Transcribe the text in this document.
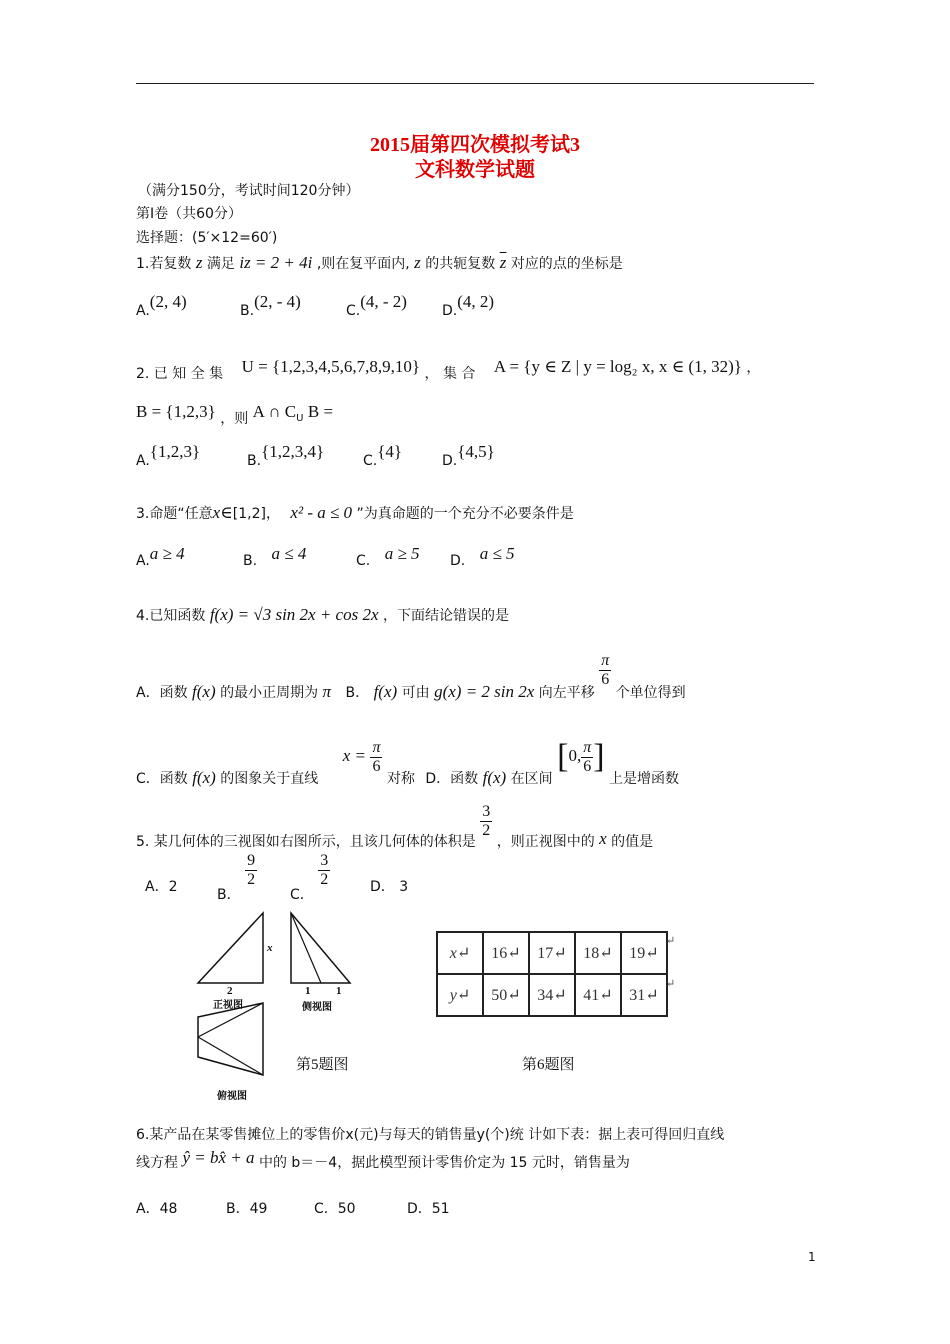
2015届第四次模拟考试3
文科数学试题
（满分150分，考试时间120分钟）
第Ⅰ卷（共60分）
选择题：(5′×12=60′)
1.若复数 z 满足 iz = 2 + 4i ,则在复平面内, z 的共轭复数 $\overline{z}$ 对应的点的坐标是
A.(2, 4)	B.(2, - 4)	C.(4, - 2)	D.(4, 2)
2. 已 知 全 集 U = {1,2,3,4,5,6,7,8,9,10} ， 集 合 A = {y ∈ Z | y = log₂ x, x ∈ (1, 32)} ，
B = {1,2,3} ，则 A ∩ $C_U$ B =
A.{1,2,3}	B.{1,2,3,4}	C.{4}	D.{4,5}
3.命题“任意x∈[1,2]， x² - a ≤ 0 ”为真命题的一个充分不必要条件是
A.a ≥ 4	B. a ≤ 4	C. a ≥ 5 D. a ≤ 5
4.已知函数 f(x) = √3 sin 2x + cos 2x ，下面结论错误的是
A．函数 f(x) 的最小正周期为 π B． f(x) 可由 g(x) = 2 sin 2x 向左平移
$\frac{\pi}{6}$
个单位得到
C．函数 f(x) 的图象关于直线 $x = \frac{\pi}{6}$
对称 D．函数 f(x) 在区间 [0, $\frac{\pi}{6}$ ] 上是增函数
5. 某几何体的三视图如右图所示，且该几何体的体积是
$\frac{3}{2}$
，则正视图中的 x 的值是
A．2	B．
$\frac{9}{2}$
C．
$\frac{3}{2}$	D． 3
x
2
正视图
1 1
侧视图
俯视图
第5题图
x↵	16↵	17↵	18↵	19↵
y↵	50↵	34↵	41↵	31↵
↵
↵
第6题图
6.某产品在某零售摊位上的零售价x(元)与每天的销售量y(个)统 计如下表：据上表可得回归直线
线方程 ŷ = bx̂ + a 中的 b＝－4，据此模型预计零售价定为 15 元时，销售量为
A．48	B．49	C．50	D．51
1
